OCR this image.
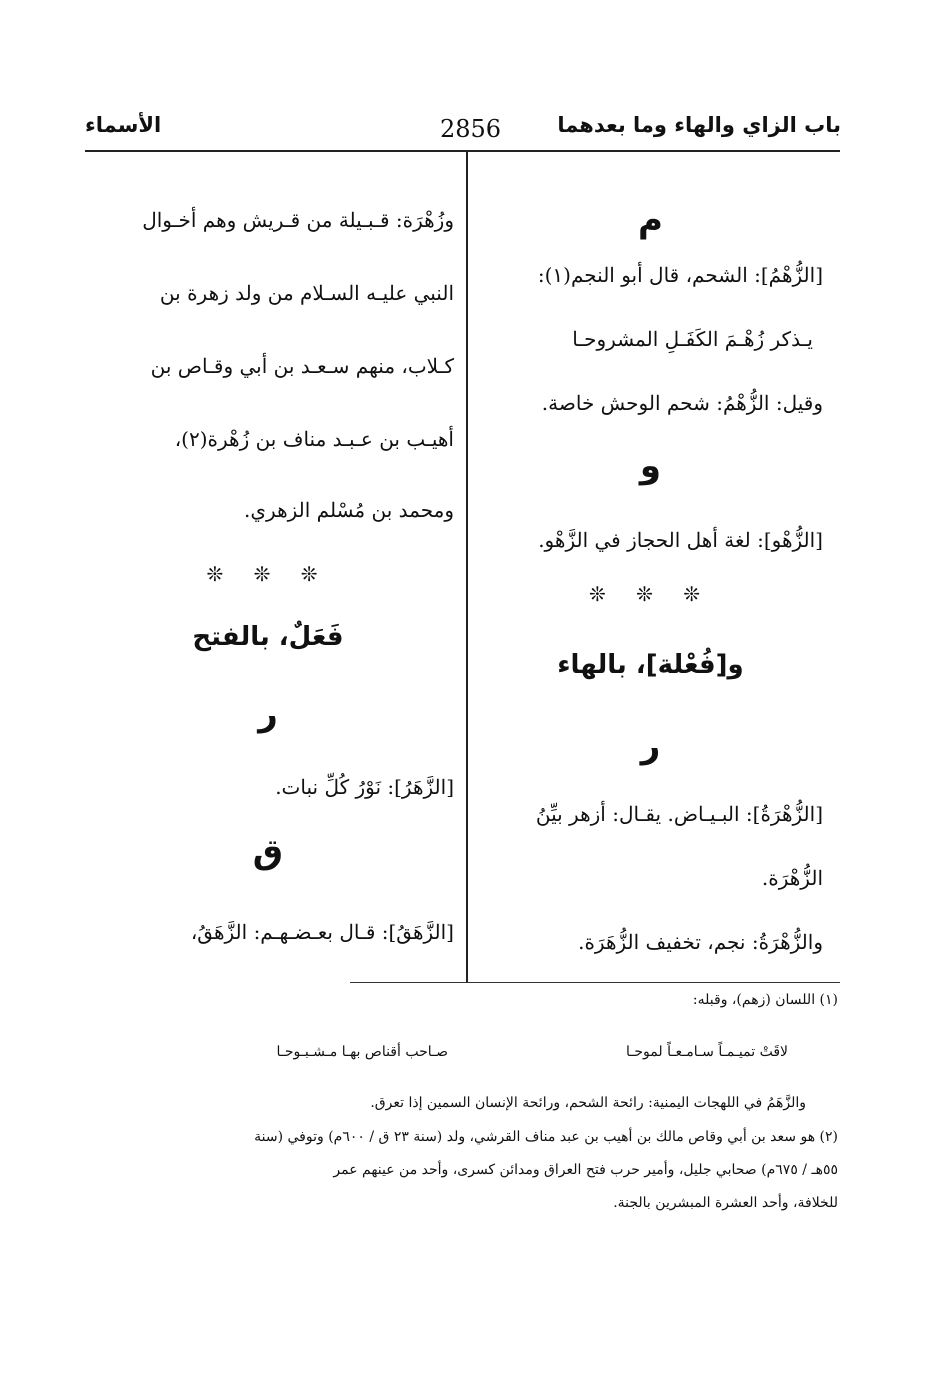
باب الزاي والهاء وما بعدهما
2856
الأسماء
م
[الزُّهْمُ]: الشحم، قال أبو النجم(١):
يـذكر زُهْـمَ الكَفَـلِ المشروحـا
وقيل: الزُّهْمُ: شحم الوحش خاصة.
و
[الزُّهْو]: لغة أهل الحجاز في الزَّهْو.
❊ ❊ ❊
و[فُعْلة]، بالهاء
ر
[الزُّهْرَةُ]: البـيـاض. يقـال: أزهر بيِّنُ
الزُّهْرَة.
والزُّهْرَةُ: نجم، تخفيف الزُّهَرَة.
وزُهْرَة: قـبـيلة من قـريش وهم أخـوال
النبي عليـه السـلام من ولد زهرة بن
كـلاب، منهم سـعـد بن أبي وقـاص بن
أهيـب بن عـبـد مناف بن زُهْرة(٢)،
ومحمد بن مُسْلم الزهري.
❊ ❊ ❊
فَعَلٌ، بالفتح
ر
[الزَّهَرُ]: نَوْرُ كُلِّ نبات.
ق
[الزَّهَقُ]: قـال بعـضـهـم: الزَّهَقُ،
(١) اللسان (زهم)، وقبله:
لاقَتْ تميـمـاً سـامـعـاً لموحـا
صـاحب أقناص بهـا مـشـبـوحـا
والزَّهَمُ في اللهجات اليمنية: رائحة الشحم، ورائحة الإنسان السمين إذا تعرق.
(٢) هو سعد بن أبي وقاص مالك بن أهيب بن عبد مناف القرشي، ولد (سنة ٢٣ ق / ٦٠٠م) وتوفي (سنة
٥٥هـ / ٦٧٥م) صحابي جليل، وأمير حرب فتح العراق ومدائن كسرى، وأحد من عينهم عمر
للخلافة، وأحد العشرة المبشرين بالجنة.
